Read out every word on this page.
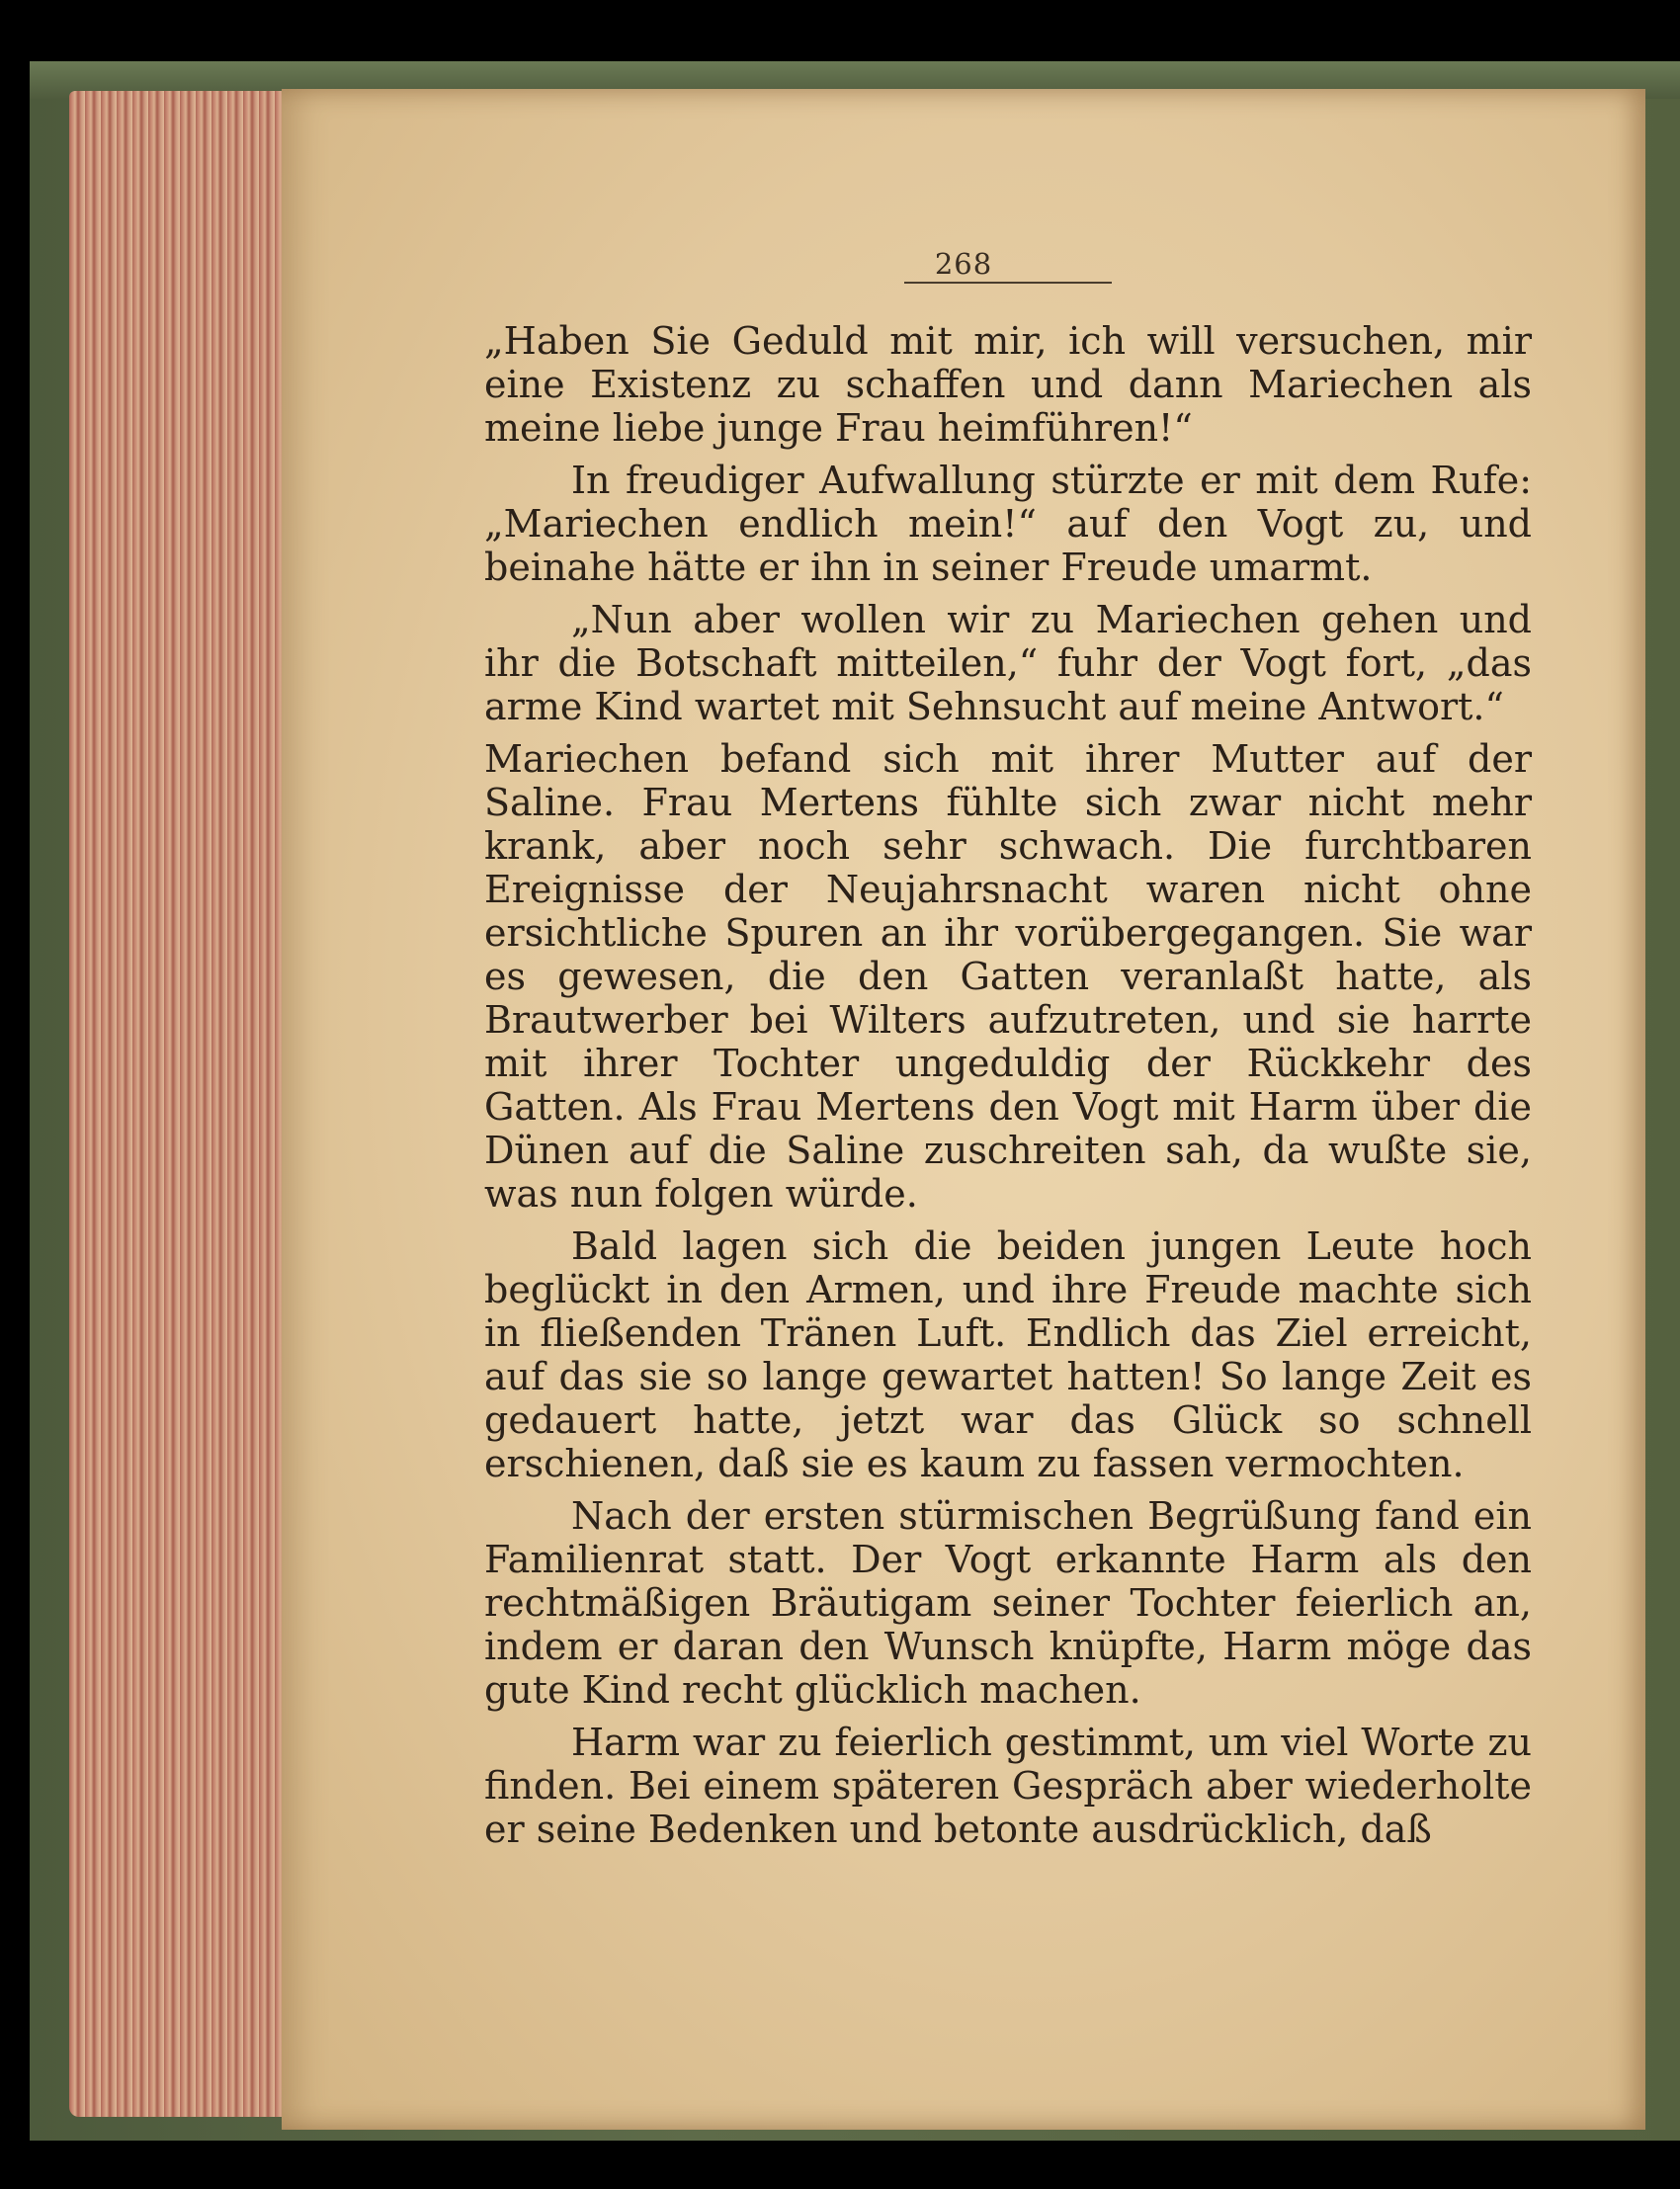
268

„Haben Sie Geduld mit mir, ich will versuchen, mir eine Existenz zu schaffen und dann Mariechen als meine liebe junge Frau heimführen!“

In freudiger Aufwallung stürzte er mit dem Rufe: „Mariechen endlich mein!“ auf den Vogt zu, und beinahe hätte er ihn in seiner Freude umarmt.

„Nun aber wollen wir zu Mariechen gehen und ihr die Botschaft mitteilen,“ fuhr der Vogt fort, „das arme Kind wartet mit Sehnsucht auf meine Antwort.“

Mariechen befand sich mit ihrer Mutter auf der Saline. Frau Mertens fühlte sich zwar nicht mehr krank, aber noch sehr schwach. Die furchtbaren Ereignisse der Neujahrsnacht waren nicht ohne ersichtliche Spuren an ihr vorübergegangen. Sie war es gewesen, die den Gatten veranlaßt hatte, als Brautwerber bei Wilters aufzutreten, und sie harrte mit ihrer Tochter ungeduldig der Rückkehr des Gatten. Als Frau Mertens den Vogt mit Harm über die Dünen auf die Saline zuschreiten sah, da wußte sie, was nun folgen würde.

Bald lagen sich die beiden jungen Leute hoch beglückt in den Armen, und ihre Freude machte sich in fließenden Tränen Luft. Endlich das Ziel erreicht, auf das sie so lange gewartet hatten! So lange Zeit es gedauert hatte, jetzt war das Glück so schnell erschienen, daß sie es kaum zu fassen vermochten.

Nach der ersten stürmischen Begrüßung fand ein Familienrat statt. Der Vogt erkannte Harm als den rechtmäßigen Bräutigam seiner Tochter feierlich an, indem er daran den Wunsch knüpfte, Harm möge das gute Kind recht glücklich machen.

Harm war zu feierlich gestimmt, um viel Worte zu finden. Bei einem späteren Gespräch aber wiederholte er seine Bedenken und betonte ausdrücklich, daß
